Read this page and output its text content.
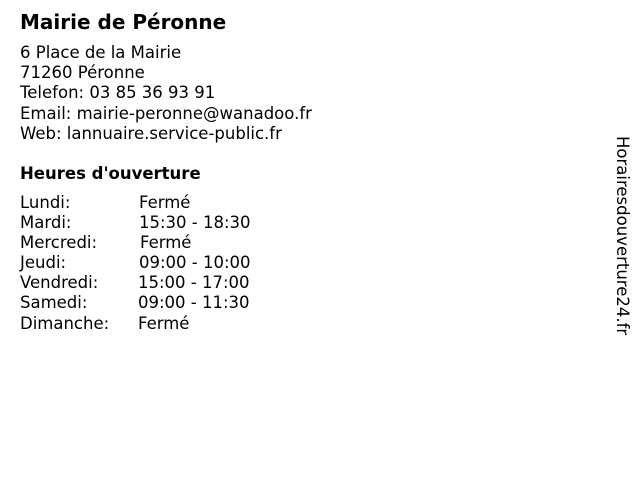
Mairie de Péronne
6 Place de la Mairie
71260 Péronne
Telefon: 03 85 36 93 91
Email: mairie-peronne@wanadoo.fr
Web: lannuaire.service-public.fr
Heures d'ouverture
Lundi:	Fermé
Mardi:	15:30 - 18:30
Mercredi:	Fermé
Jeudi:	09:00 - 10:00
Vendredi: 15:00 - 17:00
Samedi:	09:00 - 11:30
Dimanche: Fermé	Horairesdouverture24.fr
